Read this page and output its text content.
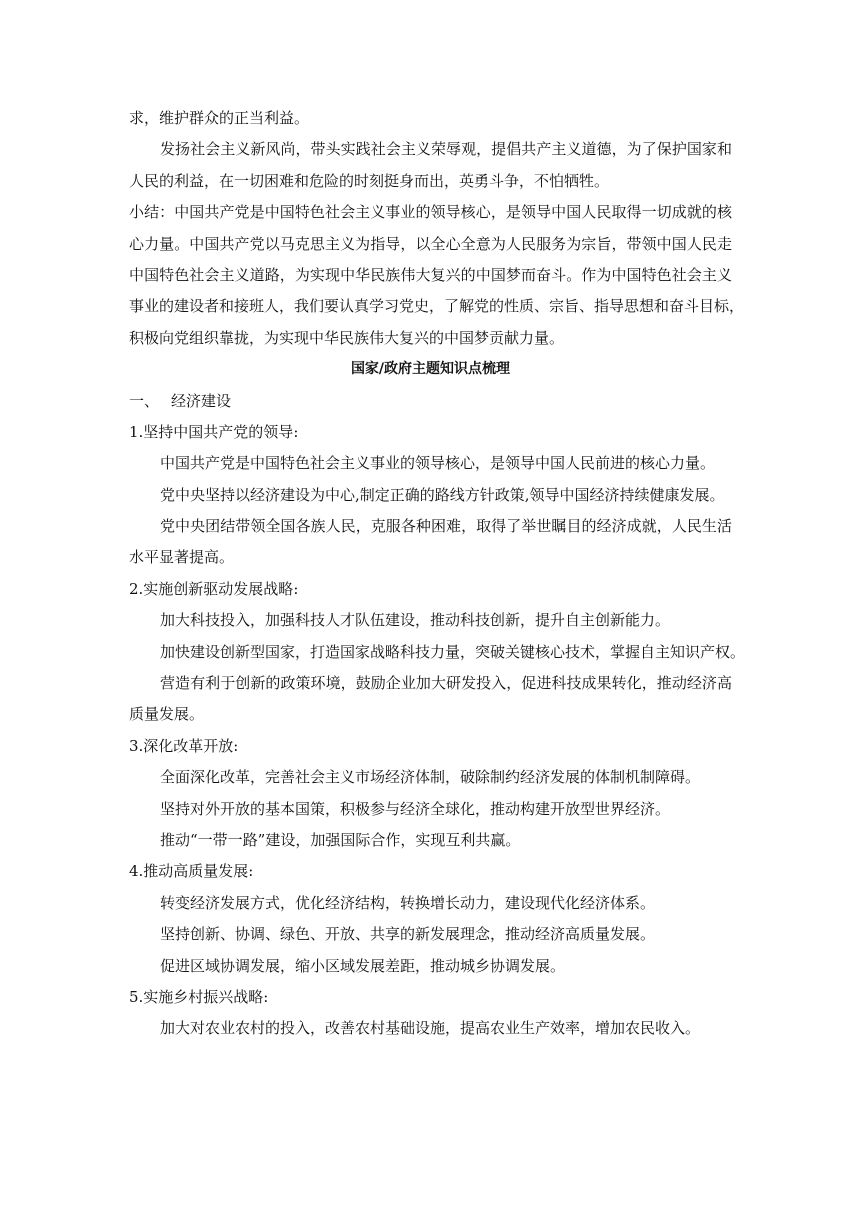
求，维护群众的正当利益。
发扬社会主义新风尚，带头实践社会主义荣辱观，提倡共产主义道德，为了保护国家和
人民的利益，在一切困难和危险的时刻挺身而出，英勇斗争，不怕牺牲。
小结：中国共产党是中国特色社会主义事业的领导核心，是领导中国人民取得一切成就的核
心力量。中国共产党以马克思主义为指导，以全心全意为人民服务为宗旨，带领中国人民走
中国特色社会主义道路，为实现中华民族伟大复兴的中国梦而奋斗。作为中国特色社会主义
事业的建设者和接班人，我们要认真学习党史，了解党的性质、宗旨、指导思想和奋斗目标，
积极向党组织靠拢，为实现中华民族伟大复兴的中国梦贡献力量。
国家/政府主题知识点梳理
一、 经济建设
1.坚持中国共产党的领导:
中国共产党是中国特色社会主义事业的领导核心，是领导中国人民前进的核心力量。
党中央坚持以经济建设为中心,制定正确的路线方针政策,领导中国经济持续健康发展。
党中央团结带领全国各族人民，克服各种困难，取得了举世瞩目的经济成就，人民生活
水平显著提高。
2.实施创新驱动发展战略:
加大科技投入，加强科技人才队伍建设，推动科技创新，提升自主创新能力。
加快建设创新型国家，打造国家战略科技力量，突破关键核心技术，掌握自主知识产权。
营造有利于创新的政策环境，鼓励企业加大研发投入，促进科技成果转化，推动经济高
质量发展。
3.深化改革开放:
全面深化改革，完善社会主义市场经济体制，破除制约经济发展的体制机制障碍。
坚持对外开放的基本国策，积极参与经济全球化，推动构建开放型世界经济。
推动“一带一路”建设，加强国际合作，实现互利共赢。
4.推动高质量发展:
转变经济发展方式，优化经济结构，转换增长动力，建设现代化经济体系。
坚持创新、协调、绿色、开放、共享的新发展理念，推动经济高质量发展。
促进区域协调发展，缩小区域发展差距，推动城乡协调发展。
5.实施乡村振兴战略:
加大对农业农村的投入，改善农村基础设施，提高农业生产效率，增加农民收入。
